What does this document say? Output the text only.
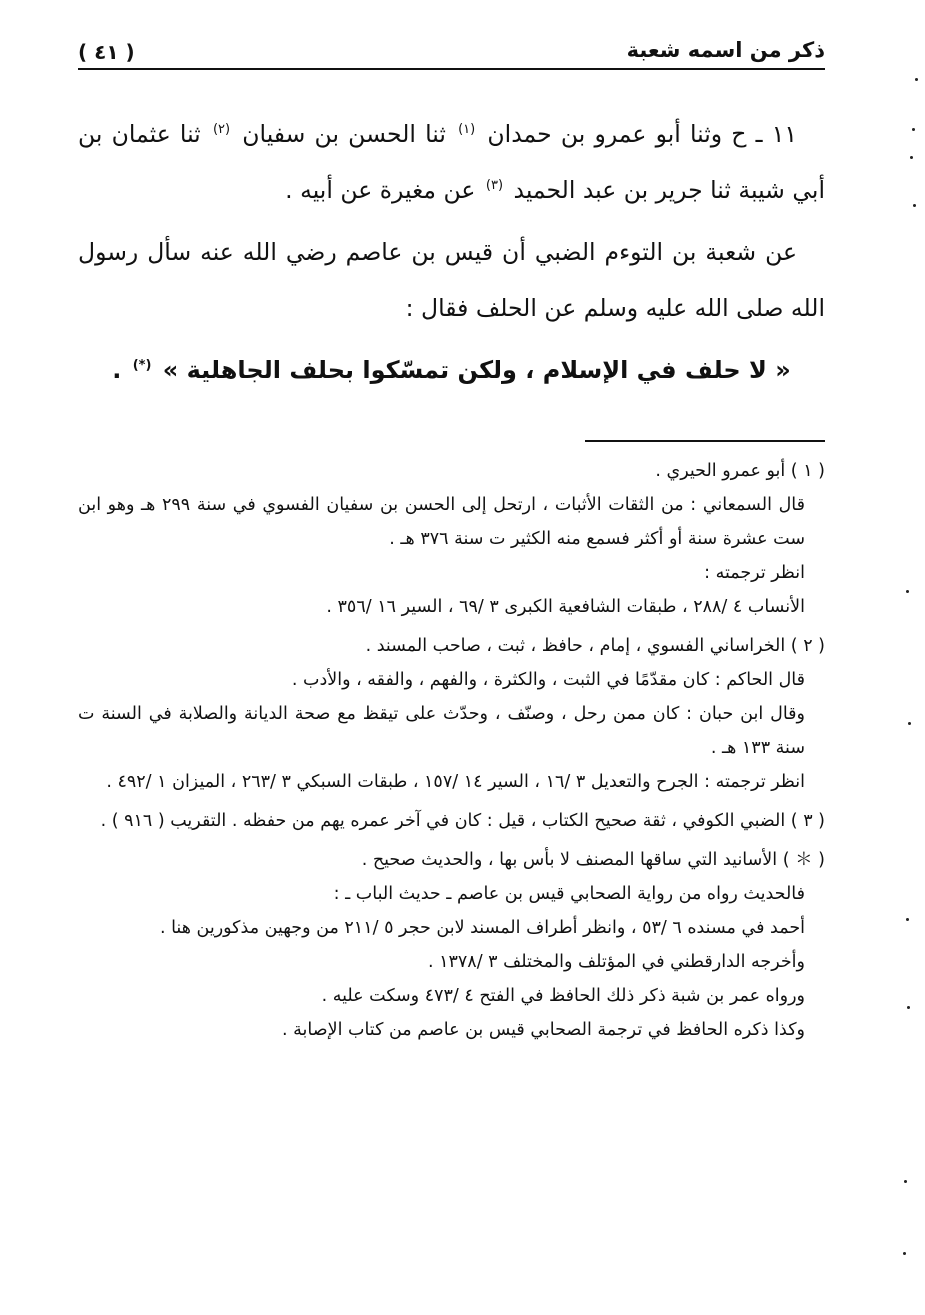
ذكر من اسمه شعبة
( ٤١ )

١١ ـ ح وثنا أبو عمرو بن حمدان $^{(١)}$ ثنا الحسن بن سفيان $^{(٢)}$ ثنا عثمان بن أبي شيبة ثنا جرير بن عبد الحميد $^{(٣)}$ عن مغيرة عن أبيه .

عن شعبة بن التوءم الضبي أن قيس بن عاصم رضي الله عنه سأل رسول الله صلى الله عليه وسلم عن الحلف فقال :

« لا حلف في الإسلام ، ولكن تمسّكوا بحلف الجاهلية » (*) .

( ١ ) أبو عمرو الحيري .

قال السمعاني : من الثقات الأثبات ، ارتحل إلى الحسن بن سفيان الفسوي في سنة ٢٩٩ هـ وهو ابن ست عشرة سنة أو أكثر فسمع منه الكثير ت سنة ٣٧٦ هـ .

انظر ترجمته :

الأنساب ٤ /٢٨٨ ، طبقات الشافعية الكبرى ٣ /٦٩ ، السير ١٦ /٣٥٦ .

( ٢ ) الخراساني الفسوي ، إمام ، حافظ ، ثبت ، صاحب المسند .

قال الحاكم : كان مقدّمًا في الثبت ، والكثرة ، والفهم ، والفقه ، والأدب .

وقال ابن حبان : كان ممن رحل ، وصنّف ، وحدّث على تيقظ مع صحة الديانة والصلابة في السنة ت سنة ١٣٣ هـ .

انظر ترجمته : الجرح والتعديل ٣ /١٦ ، السير ١٤ /١٥٧ ، طبقات السبكي ٣ /٢٦٣ ، الميزان ١ /٤٩٢ .

( ٣ ) الضبي الكوفي ، ثقة صحيح الكتاب ، قيل : كان في آخر عمره يهم من حفظه . التقريب ( ٩١٦ ) .

( ＊ ) الأسانيد التي ساقها المصنف لا بأس بها ، والحديث صحيح .

فالحديث رواه من رواية الصحابي قيس بن عاصم ـ حديث الباب ـ :

أحمد في مسنده ٦ /٥٣ ، وانظر أطراف المسند لابن حجر ٥ /٢١١ من وجهين مذكورين هنا .

وأخرجه الدارقطني في المؤتلف والمختلف ٣ /١٣٧٨ .

ورواه عمر بن شبة ذكر ذلك الحافظ في الفتح ٤ /٤٧٣ وسكت عليه .

وكذا ذكره الحافظ في ترجمة الصحابي قيس بن عاصم من كتاب الإصابة .
